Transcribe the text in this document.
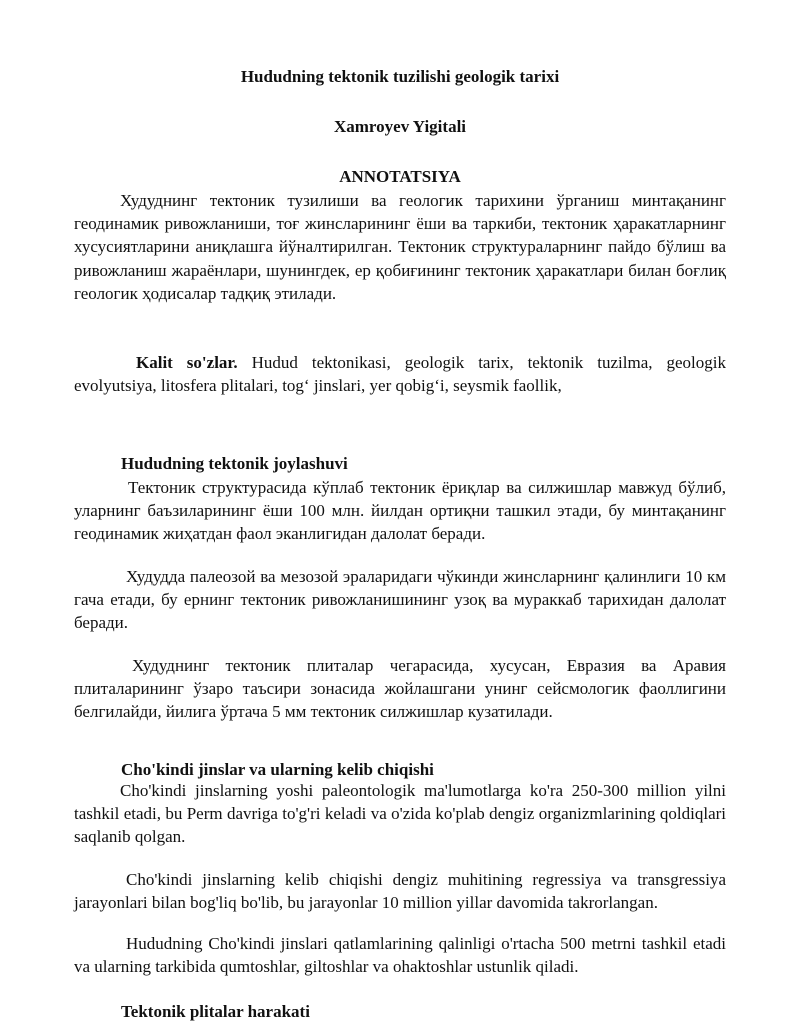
Hududning tektonik tuzilishi geologik tarixi

Xamroyev Yigitali

ANNOTATSIYA

Худуднинг тектоник тузилиши ва геологик тарихини ўрганиш минтақанинг геодинамик ривожланиши, тоғ жинсларининг ёши ва таркиби, тектоник ҳаракатларнинг хусусиятларини аниқлашга йўналтирилган. Тектоник структураларнинг пайдо бўлиш ва ривожланиш жараёнлари, шунингдек, ер қобиғининг тектоник ҳаракатлари билан боғлиқ геологик ҳодисалар тадқиқ этилади.

Kalit so'zlar. Hudud tektonikasi, geologik tarix, tektonik tuzilma, geologik evolyutsiya, litosfera plitalari, tog‘ jinslari, yer qobig‘i, seysmik faollik,

Hududning tektonik joylashuvi

Тектоник структурасида кўплаб тектоник ёриқлар ва силжишлар мавжуд бўлиб, уларнинг баъзиларининг ёши 100 млн. йилдан ортиқни ташкил этади, бу минтақанинг геодинамик жиҳатдан фаол эканлигидан далолат беради.

Худудда палеозой ва мезозой эраларидаги чўкинди жинсларнинг қалинлиги 10 км гача етади, бу ернинг тектоник ривожланишининг узоқ ва мураккаб тарихидан далолат беради.

Худуднинг тектоник плиталар чегарасида, хусусан, Евразия ва Аравия плиталарининг ўзаро таъсири зонасида жойлашгани унинг сейсмологик фаоллигини белгилайди, йилига ўртача 5 мм тектоник силжишлар кузатилади.

Cho'kindi jinslar va ularning kelib chiqishi

Cho'kindi jinslarning yoshi paleontologik ma'lumotlarga ko'ra 250-300 million yilni tashkil etadi, bu Perm davriga to'g'ri keladi va o'zida ko'plab dengiz organizmlarining qoldiqlari saqlanib qolgan.

Cho'kindi jinslarning kelib chiqishi dengiz muhitining regressiya va transgressiya jarayonlari bilan bog'liq bo'lib, bu jarayonlar 10 million yillar davomida takrorlangan.

Hududning Cho'kindi jinslari qatlamlarining qalinligi o'rtacha 500 metrni tashkil etadi va ularning tarkibida qumtoshlar, giltoshlar va ohaktoshlar ustunlik qiladi.

Tektonik plitalar harakati
